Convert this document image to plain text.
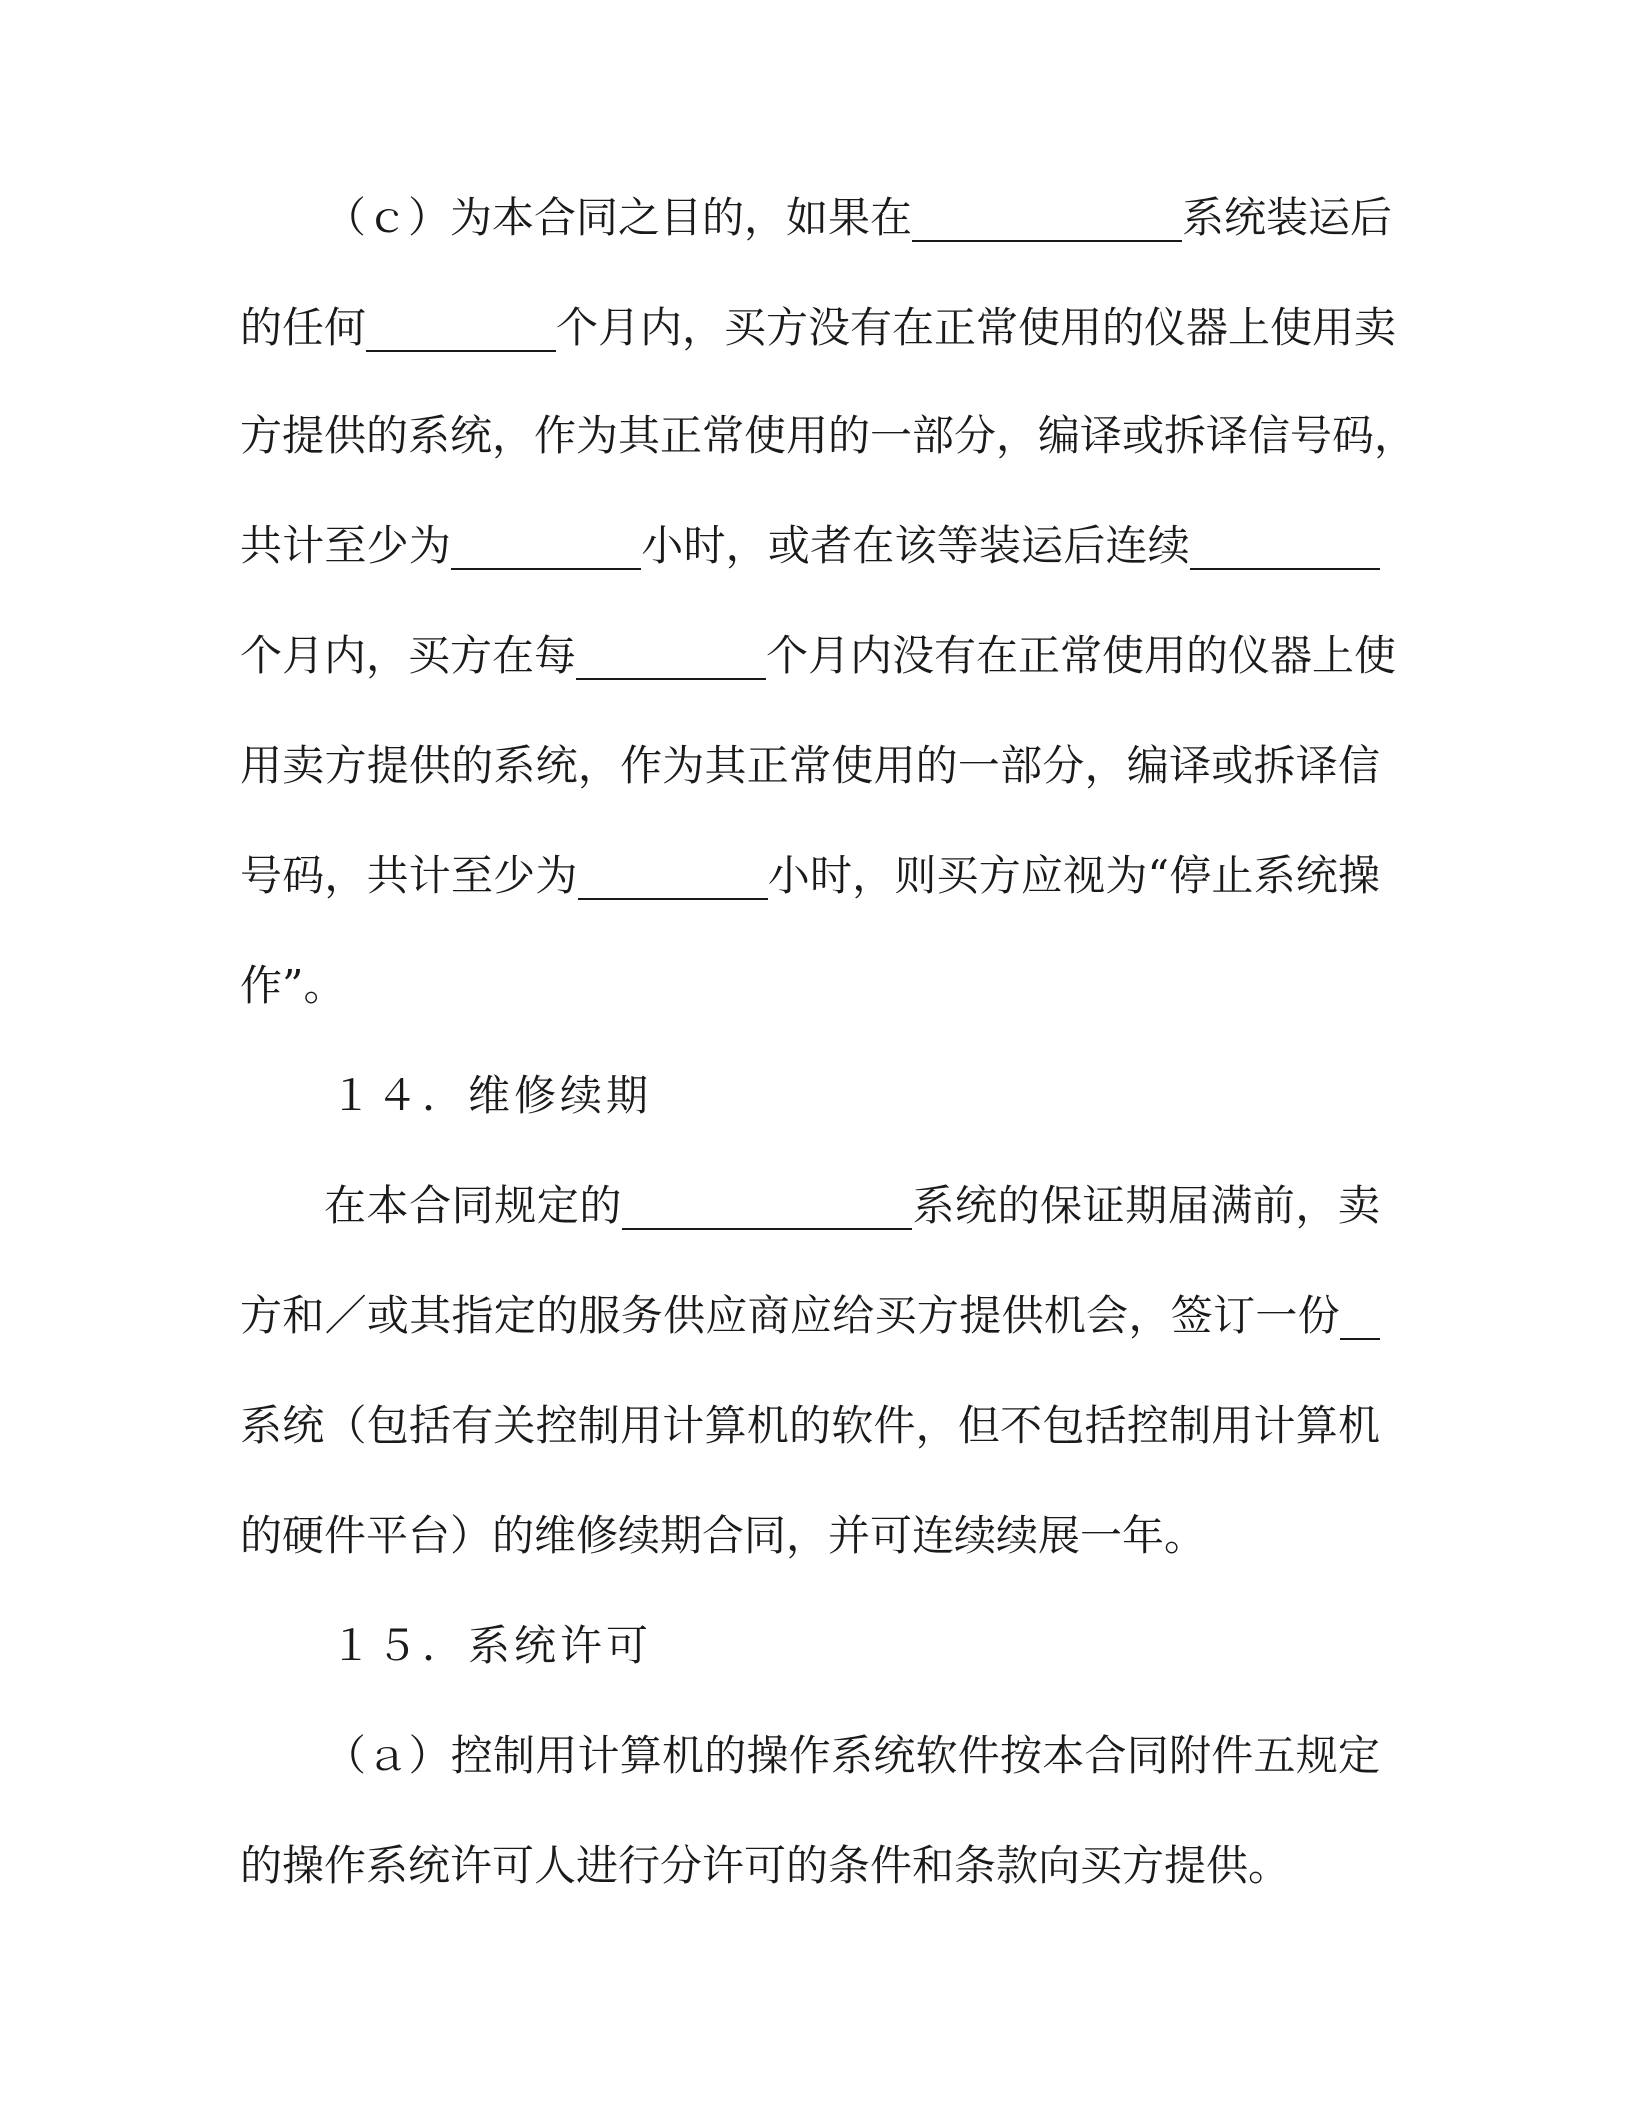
（ｃ）为本合同之目的，如果在	系统装运后
的任何	个月内，买方没有在正常使用的仪器上使用卖
方提供的系统，作为其正常使用的一部分，编译或拆译信号码，
共计至少为	小时，或者在该等装运后连续
个月内，买方在每	个月内没有在正常使用的仪器上使
用卖方提供的系统，作为其正常使用的一部分，编译或拆译信
号码，共计至少为	小时，则买方应视为“停止系统操
作”。
１４．维修续期
在本合同规定的	系统的保证期届满前，卖
方和／或其指定的服务供应商应给买方提供机会，签订一份
系统（包括有关控制用计算机的软件，但不包括控制用计算机
的硬件平台）的维修续期合同，并可连续续展一年。
１５．系统许可
（ａ）控制用计算机的操作系统软件按本合同附件五规定
的操作系统许可人进行分许可的条件和条款向买方提供。
